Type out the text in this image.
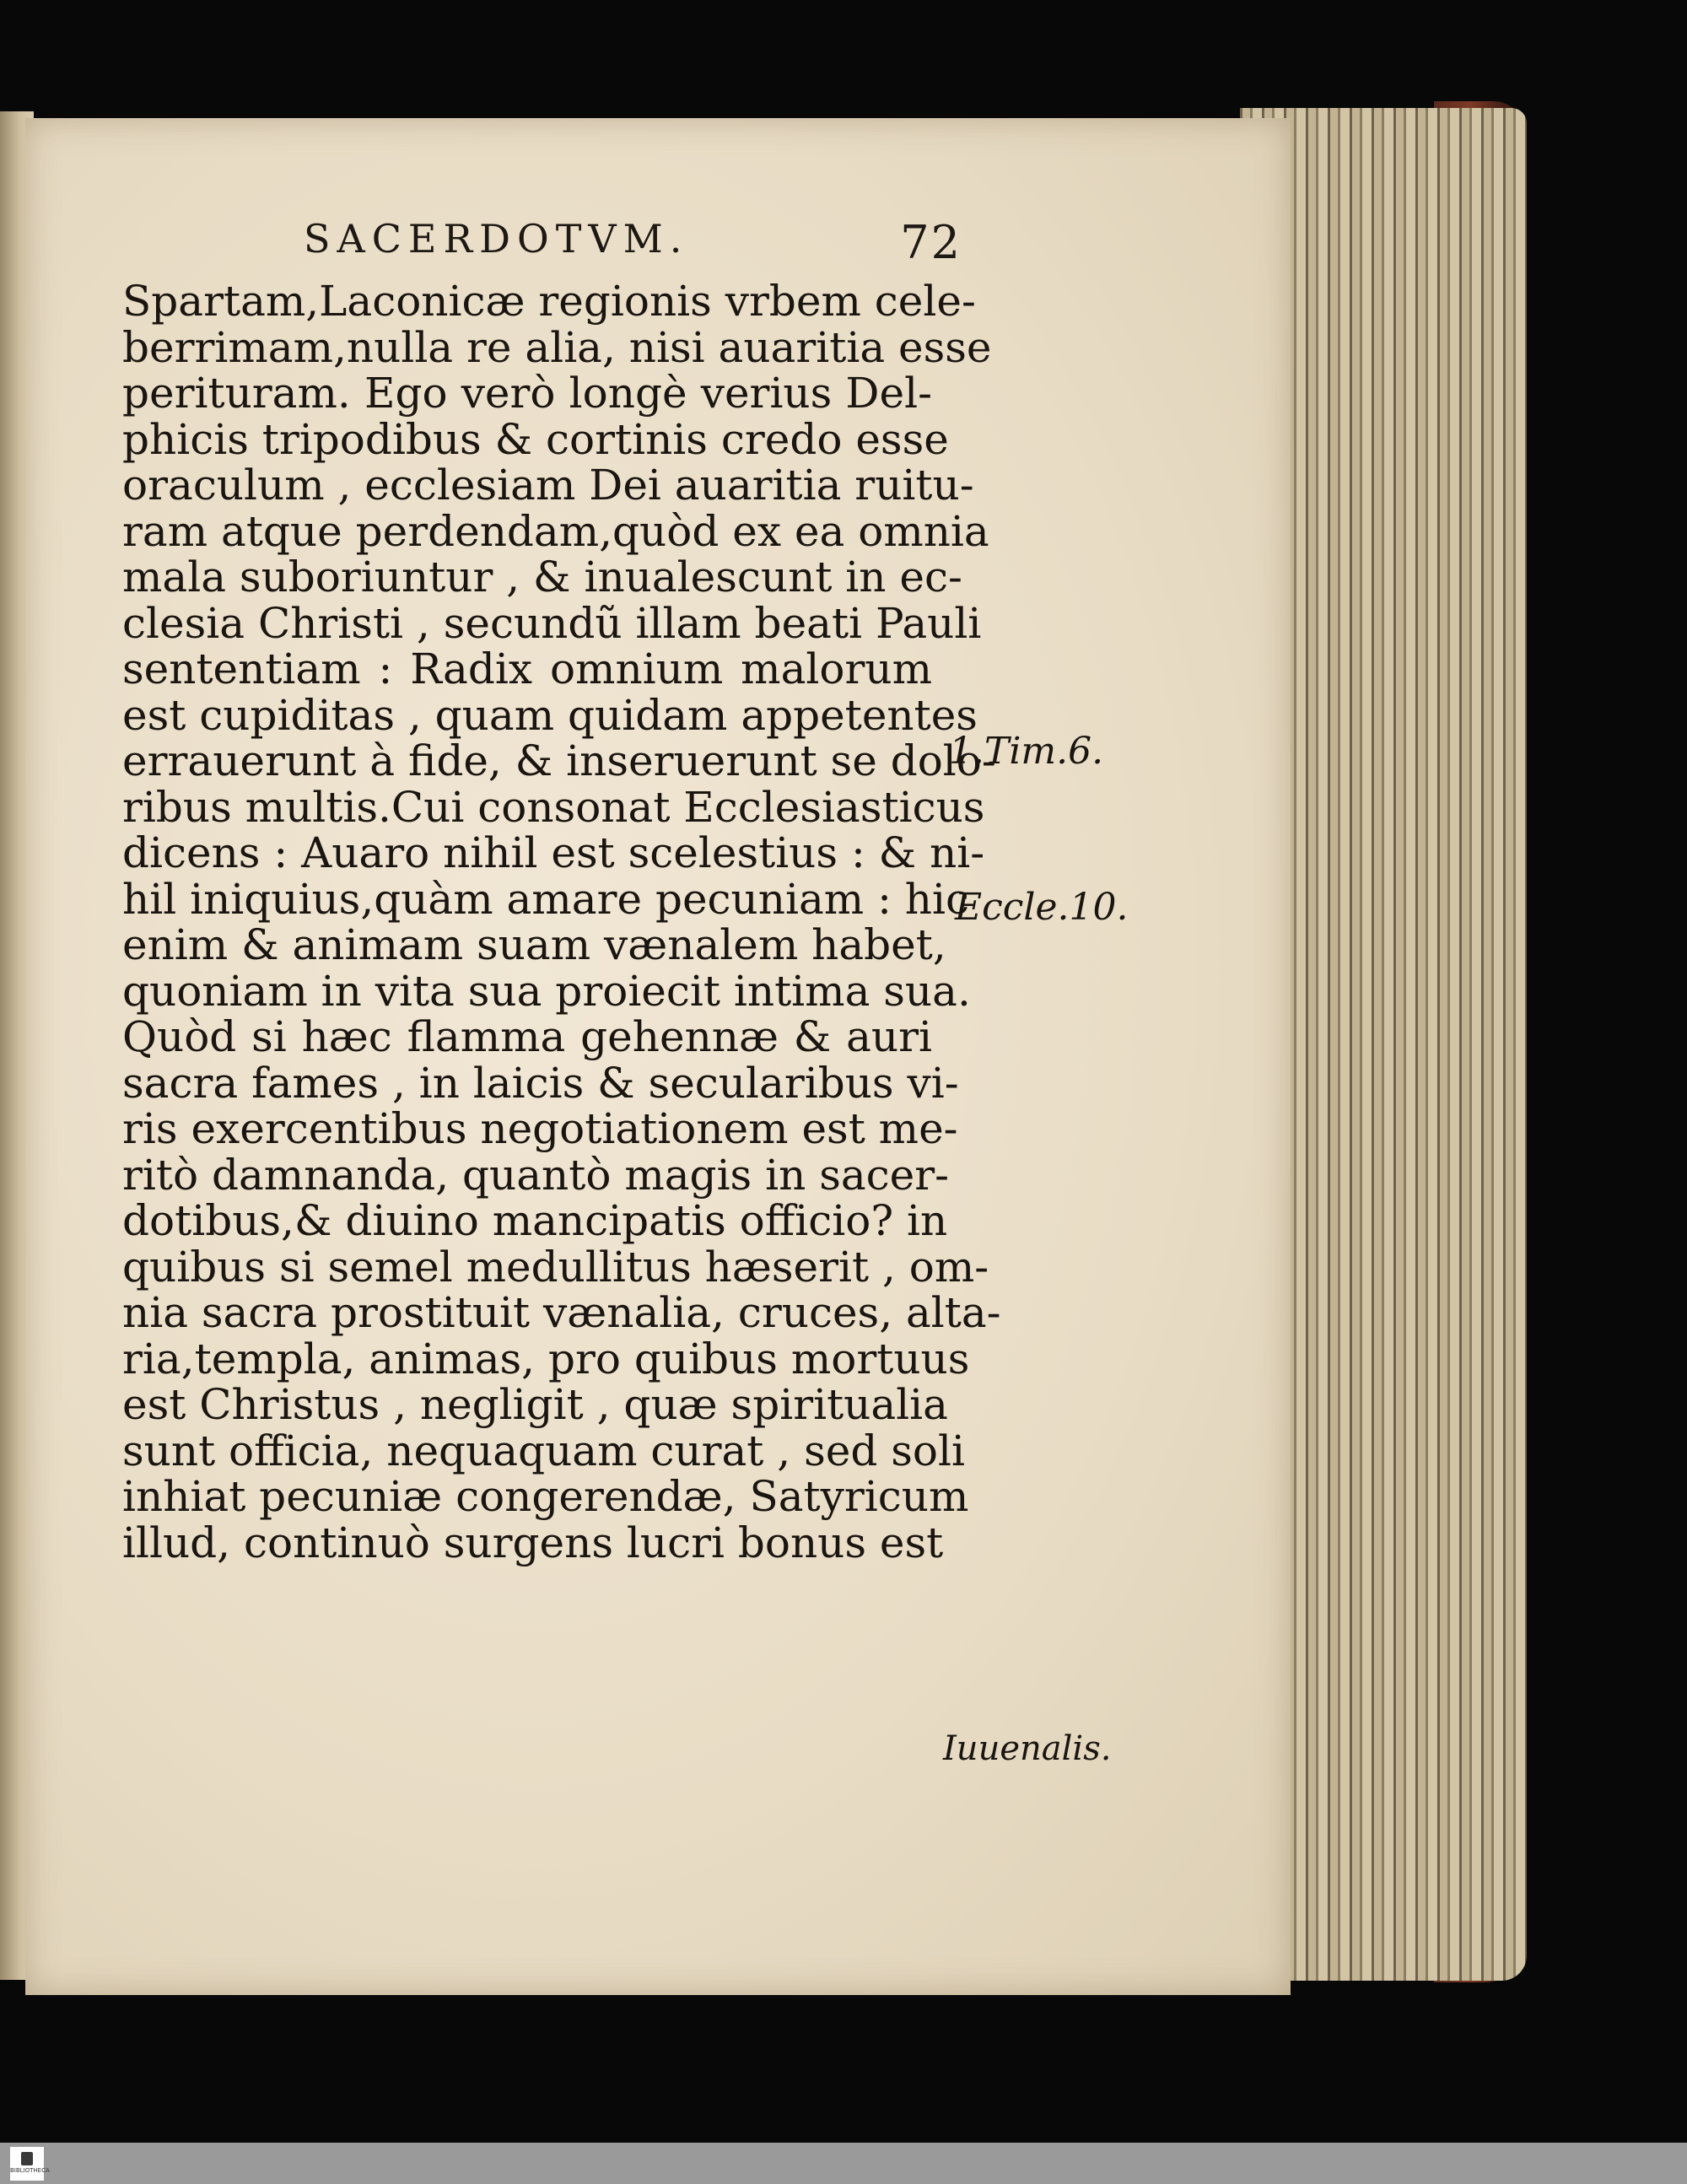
SACERDOTVM.	72
Spartam,Laconicæ regionis vrbem cele-
berrimam,nulla re alia, nisi auaritia esse
perituram. Ego verò longè verius Del-
phicis tripodibus & cortinis credo esse
oraculum , ecclesiam Dei auaritia ruitu-
ram atque perdendam,quòd ex ea omnia
mala suboriuntur , & inualescunt in ec-
clesia Christi , secundũ illam beati Pauli
sententiam : Radix omnium malorum
est cupiditas , quam quidam appetentes
errauerunt à fide, & inseruerunt se dolo-
ribus multis.Cui consonat Ecclesiasticus
dicens : Auaro nihil est scelestius : & ni-
hil iniquius,quàm amare pecuniam : hic
enim & animam suam vænalem habet,
quoniam in vita sua proiecit intima sua.
Quòd si hæc flamma gehennæ & auri
sacra fames , in laicis & secularibus vi-
ris exercentibus negotiationem est me-
ritò damnanda, quantò magis in sacer-
dotibus,& diuino mancipatis officio? in
quibus si semel medullitus hæserit , om-
nia sacra prostituit vænalia, cruces, alta-
ria,templa, animas, pro quibus mortuus
est Christus , negligit , quæ spiritualia
sunt officia, nequaquam curat , sed soli
inhiat pecuniæ congerendæ, Satyricum
illud, continuò surgens lucri bonus est
1.Tim.6.
Eccle.10.
Iuuenalis.
BIBLIOTHECA
